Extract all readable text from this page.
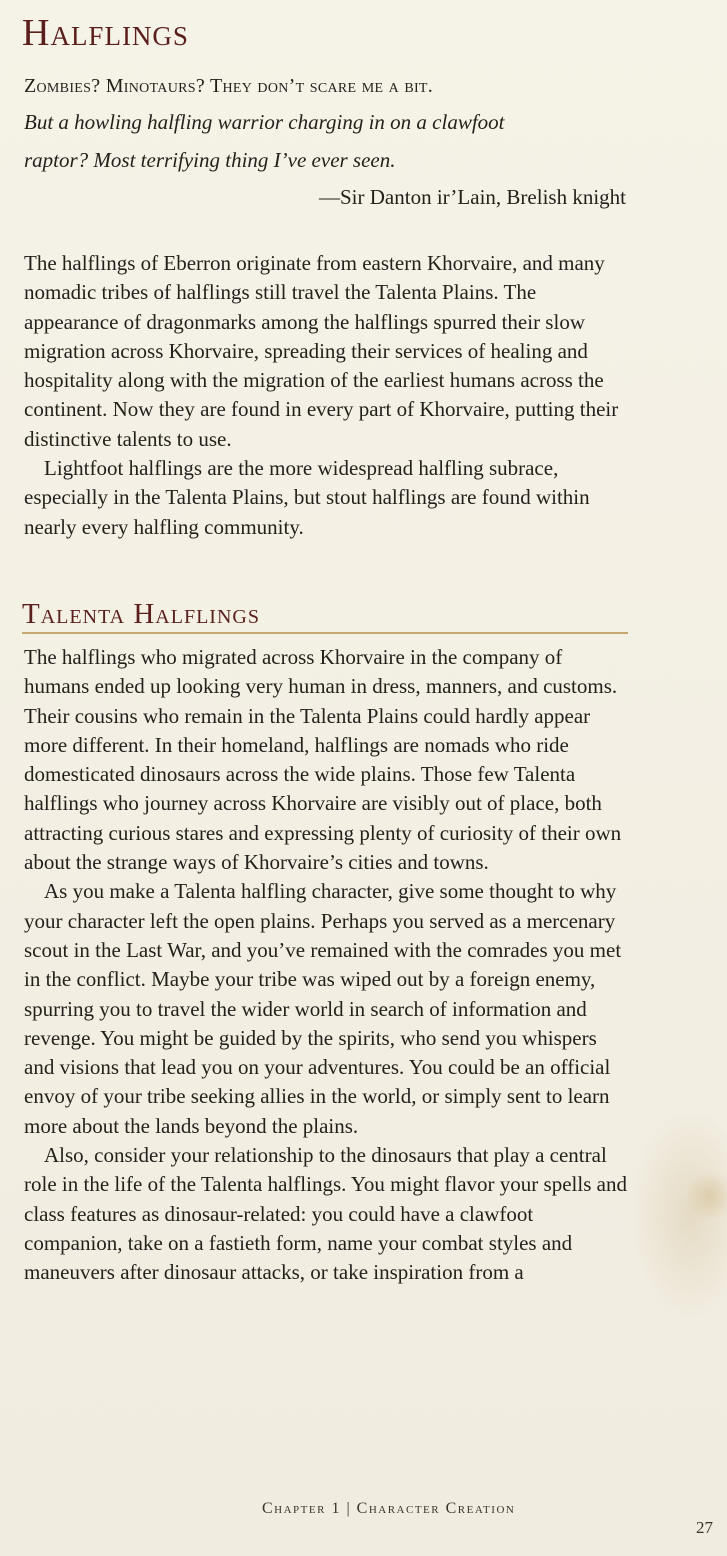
Halflings
Zombies? Minotaurs? They don’t scare me a bit.
But a howling halfling warrior charging in on a clawfoot
raptor? Most terrifying thing I’ve ever seen.
—Sir Danton ir’Lain, Brelish knight

The halflings of Eberron originate from eastern Khorvaire, and many nomadic tribes of halflings still travel the Talenta Plains. The appearance of dragonmarks among the halflings spurred their slow migration across Khorvaire, spreading their services of healing and hospitality along with the migration of the earliest humans across the continent. Now they are found in every part of Khorvaire, putting their distinctive talents to use.

Lightfoot halflings are the more widespread halfling subrace, especially in the Talenta Plains, but stout halflings are found within nearly every halfling community.

Talenta Halflings

The halflings who migrated across Khorvaire in the company of humans ended up looking very human in dress, manners, and customs. Their cousins who remain in the Talenta Plains could hardly appear more different. In their homeland, halflings are nomads who ride domesticated dinosaurs across the wide plains. Those few Talenta halflings who journey across Khorvaire are visibly out of place, both attracting curious stares and expressing plenty of curiosity of their own about the strange ways of Khorvaire’s cities and towns.

As you make a Talenta halfling character, give some thought to why your character left the open plains. Perhaps you served as a mercenary scout in the Last War, and you’ve remained with the comrades you met in the conflict. Maybe your tribe was wiped out by a foreign enemy, spurring you to travel the wider world in search of information and revenge. You might be guided by the spirits, who send you whispers and visions that lead you on your adventures. You could be an official envoy of your tribe seeking allies in the world, or simply sent to learn more about the lands beyond the plains.

Also, consider your relationship to the dinosaurs that play a central role in the life of the Talenta halflings. You might flavor your spells and class features as dinosaur-related: you could have a clawfoot companion, take on a fastieth form, name your combat styles and maneuvers after dinosaur attacks, or take inspiration from a

Chapter 1 | Character Creation
27
